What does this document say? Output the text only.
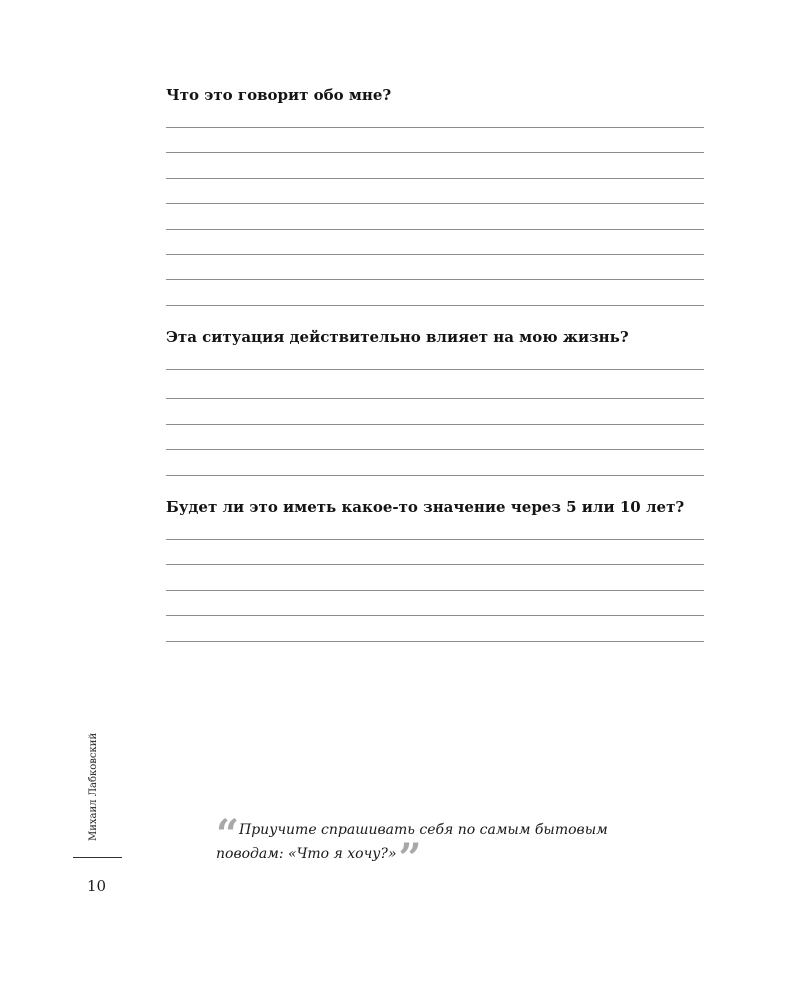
Что это говорит обо мне?
Эта ситуация действительно влияет на мою жизнь?
Будет ли это иметь какое-то значение через 5 или 10 лет?
Михаил Лабковский
10
“ Приучите спрашивать себя по самым бытовым
поводам: «Что я хочу?»”
